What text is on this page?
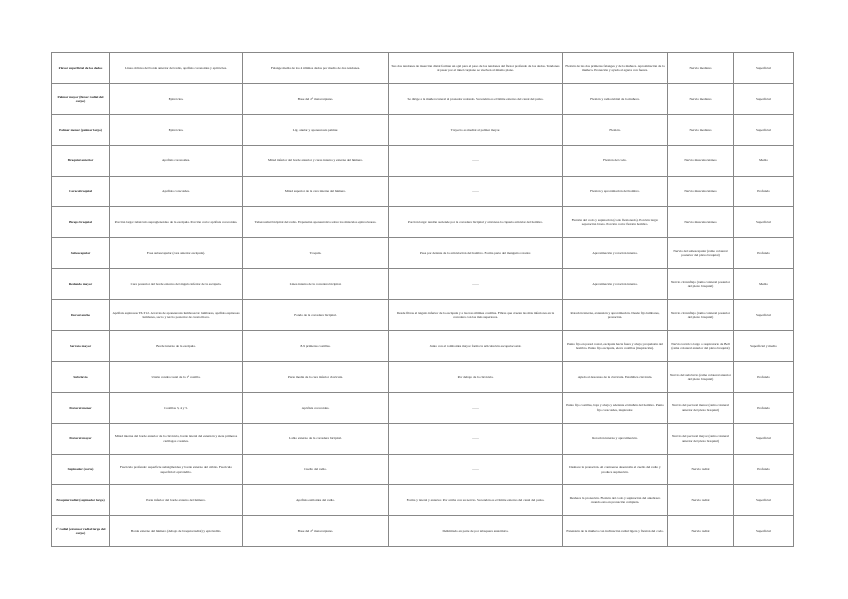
Flexor superficial de los dedos	Línea oblicua del borde anterior del radio, apófisis coronoides y epitróclea.	Falange media de los 4 últimos dedos por medio de dos tendones.	Sus dos tendones de inserción distal forman un ojal para el paso de los tendones del flexor profundo de los dedos. Tendones al pasar por el túnel carpiano se vuelven al mismo plano.	Flexión de las dos primeras falanges y de la muñeca. Aproximación de la muñeca. Pronación y ayuda al agarre con fuerza.	Nervio mediano	Superficial
Palmar mayor (flexor radial del carpo)	Epitróclea.	Base del 2° metacarpiano.	Se dirige a la muñeca lateral al pronador redondo. Su tendón es el límite externo del canal del pulso.	Flexión y radiocubital de la muñeca.	Nervio mediano	Superficial
Palmar menor (palmar largo)	Epitróclea.	Lig. anular y aponeurosis palmar.	Trayecto es medial al palmar mayor.	Flexión.	Nervio mediano	Superficial
Braquial anterior	Apófisis coronoides.	Mitad inferior del borde anterior y caras interna y externa del húmero.	——	Flexión del codo.	Nervio musculocutáneo	Medio
Coracobraquial	Apófisis coracoides.	Mitad superior de la cara interna del húmero.	——	Flexión y aproximación del hombro.	Nervio musculocutáneo	Profundo
Bíceps braquial	Porción larga: tubérculo supraglenoideo de la escápula. Porción corta: apófisis coracoides.	Tuberosidad bicipital del radio. Expansión aponeurótica sobre los músculos epitrocleares.	Porción larga: tendón asciende por la corredera bicipital y atraviesa la cápsula articular del hombro.	Flexión del codo y supinación (codo flexionado). Porción larga: separación brazo. Porción corta: flexión hombro.	Nervio musculocutáneo	Superficial
Subescapular	Fosa subescapular (cara anterior escápula).	Troquín.	Pasa por delante de la articulación del hombro. Forma parte del manguito rotador.	Aproximación y rotación interna.	Nervio del subescapular (ramo colateral posterior del plexo braquial)	Profundo
Redondo mayor	Cara posterior del borde externo del ángulo inferior de la escápula.	Línea interna de la corredera bicipital.	——	Aproximación y rotación interna.	Nervio circunflejo (rama colateral posterior del plexo braquial)	Medio
Dorsal ancho	Apófisis espinosas T6-T12. A través de aponeurosis lumbosacra: lumbares, apófisis espinosas lumbares, sacro y tercio posterior de cresta iliaca.	Fondo de la corredera bicipital.	Desde fibras al ángulo inferior de la escápula y a las tres últimas costillas. Fibras que cruzan las más inferiores en la corredera con las más superiores.	Rotación interna, extensión y aproximación. Desde fijo lumbares, pronación.	Nervio circunflejo (rama colateral posterior del plexo braquial)	Superficial
Serrato mayor	Borde interno de la escápula.	8-9 primeras costillas.	Junto con el romboides mayor forma la articulación escapulocostal.	Punto fijo en pared costal, escápula hacia fuera y abajo; propulsión del hombro. Punto fijo escápula, eleva costillas (inspiración).	Nervio torácico largo o respiratorio de Bell (rama colateral anterior del plexo braquial)	Superficial y medio
Subclavio	Unión condrocostal de la 1ª costilla.	Parte media de la cara inferior clavícula.	Por debajo de la clavícula.	Ayuda al descenso de la clavícula. Estabiliza clavícula.	Nervio del subclavio (rama colateral anterior del plexo braquial)	Profundo
Pectoral menor	Costillas 3, 4 y 5.	Apófisis coracoides.	——	Punto fijo costillas, baja y abaja y adelante el muñón del hombro. Punto fijo coracoides, inspirador.	Nervio del pectoral menor (rama colateral anterior del plexo braquial)	Profundo
Pectoral mayor	Mitad interna del borde anterior de la clavícula, borde lateral del esternón y siete primeros cartílagos costales.	Labio externo de la corredera bicipital.	——	Rotación interna y aproximación.	Nervio del pectoral mayor (rama colateral anterior del plexo braquial)	Superficial
Supinador (corto)	Fascículo profundo: superficie subsigmoidea y borde externo del cúbito. Fascículo superficial: epicóndilo.	Cuello del radio.	——	Deshace la pronación. Al contraerse desenrolla el cuello del radio y produce supinación.	Nervio radial	Profundo
Braquiorradial (supinador largo)	Parte inferior del borde externo del húmero.	Apófisis estiloides del radio.	Forma y lateral y anterior. Por arriba con su nervio. Su tendón es el límite externo del canal del pulso.	Deshace la pronación. Flexión del codo y supinación del antebrazo cuando esta en pronación completa.	Nervio radial	Superficial
1° radial (extensor radial largo del carpo)	Borde externo del húmero (debajo de braquiorradial) y epicóndilo.	Base del 2° metacarpiano.	Delimitado en parte de por tabaquera anatómica.	Extensión de la muñeca con inclinación radial ligera y flexión del codo.	Nervio radial	Superficial
